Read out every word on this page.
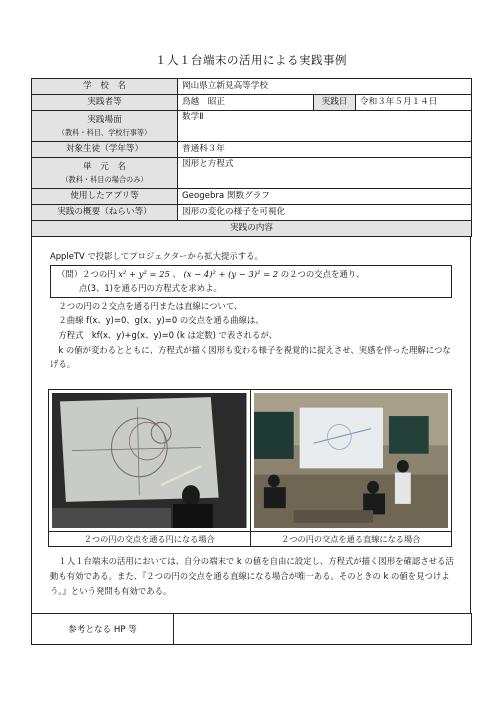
１人１台端末の活用による実践事例
学　校　名	岡山県立新見高等学校		
実践者等	鳥越　昭正	実践日	令和３年５月１４日
実践場面
（教科・科目、学校行事等）	数学Ⅱ		
対象生徒（学年等）	普通科３年		
単　元　名
（教科・科目の場合のみ）	図形と方程式		
使用したアプリ等	Geogebra 関数グラフ		
実践の概要（ねらい等）	図形の変化の様子を可視化		
実践の内容			

AppleTV で投影してプロジェクターから拡大提示する。

（問）２つの円 x² + y² = 25 、 (x − 4)² + (y − 3)² = 2 の２つの交点を通り、

点(3、1)を通る円の方程式を求めよ。

２つの円の２交点を通る円または直線について、

２曲線 f(x、y)=0、g(x、y)=0 の交点を通る曲線は、

方程式　kf(x、y)+g(x、y)=0 (k は定数) で表されるが、

k の値が変わるとともに、方程式が描く図形も変わる様子を視覚的に捉えさせ、実感を伴った理解につなげる。

２つの円の交点を通る円になる場合	２つの円の交点を通る直線になる場合

１人１台端末の活用においては、自分の端末で k の値を自由に設定し、方程式が描く図形を確認させる活動も有効である。また、『２つの円の交点を通る直線になる場合が唯一ある。そのときの k の値を見つけよう。』という発問も有効である。

参考となる HP 等	
